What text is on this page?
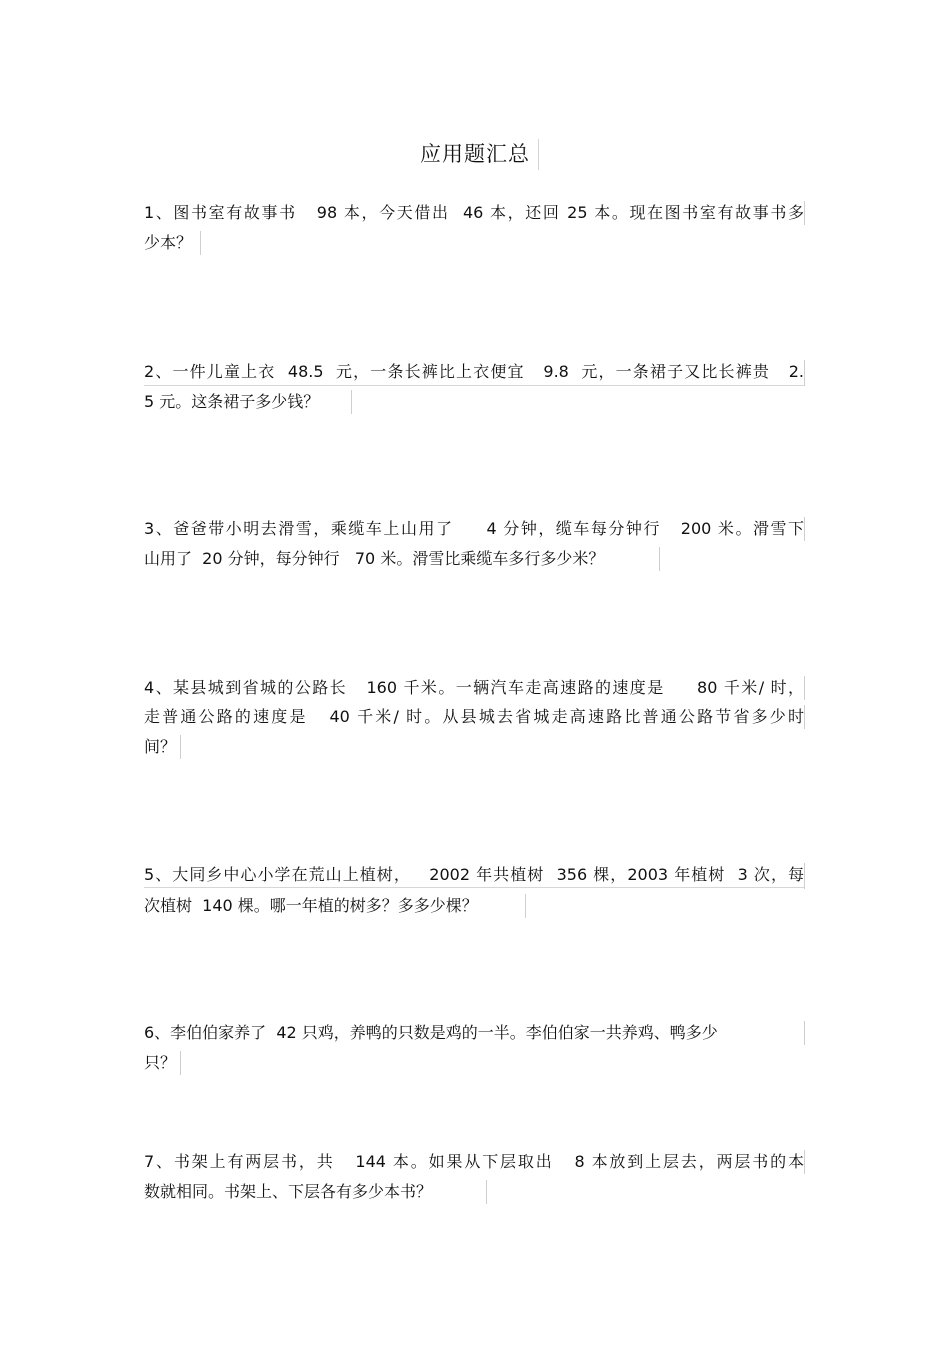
应用题汇总
1、图书室有故事书   98 本，今天借出  46 本，还回 25 本。现在图书室有故事书多
少本？
2、一件儿童上衣  48.5  元，一条长裤比上衣便宜   9.8  元，一条裙子又比长裤贵   2.
5 元。这条裙子多少钱？
3、爸爸带小明去滑雪，乘缆车上山用了     4 分钟，缆车每分钟行   200 米。滑雪下
山用了  20 分钟，每分钟行   70 米。滑雪比乘缆车多行多少米？
4、某县城到省城的公路长   160 千米。一辆汽车走高速路的速度是     80 千米/ 时，
走普通公路的速度是   40 千米/ 时。从县城去省城走高速路比普通公路节省多少时
间？
5、大同乡中心小学在荒山上植树，   2002 年共植树  356 棵，2003 年植树  3 次，每
次植树  140 棵。哪一年植的树多？多多少棵？
6、李伯伯家养了  42 只鸡，养鸭的只数是鸡的一半。李伯伯家一共养鸡、鸭多少
只？
7、书架上有两层书，共   144 本。如果从下层取出   8 本放到上层去，两层书的本
数就相同。书架上、下层各有多少本书？
